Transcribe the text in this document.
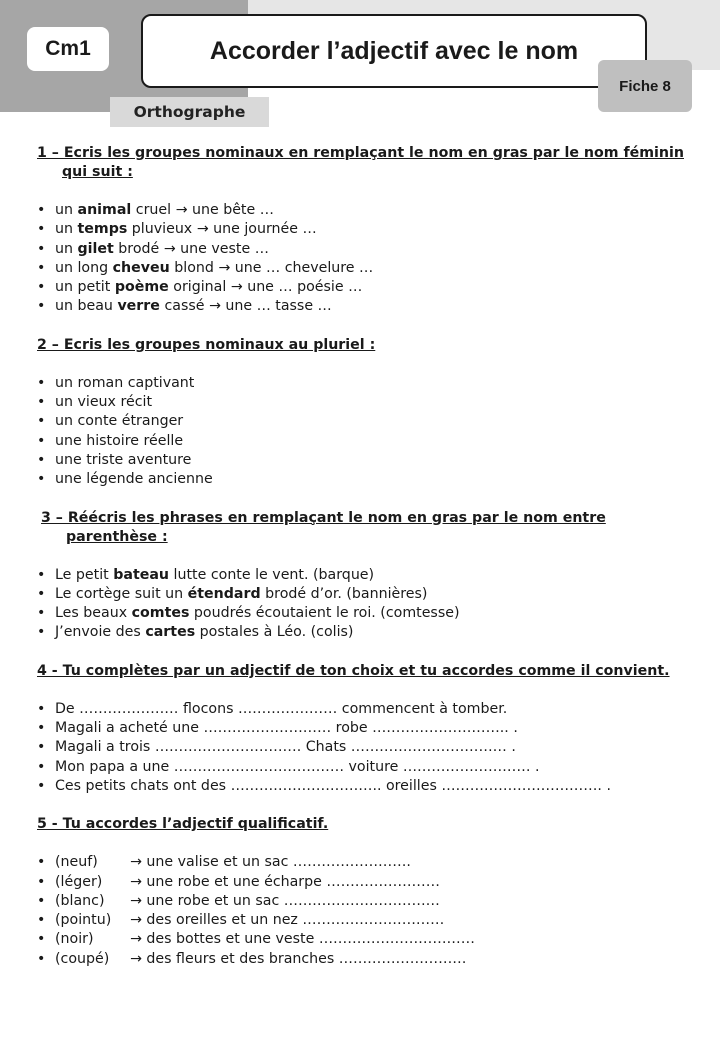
Cm1	Accorder l’adjectif avec le nom
Fiche 8
Orthographe

1 – Ecris les groupes nominaux en remplaçant le nom en gras par le nom féminin
qui suit :

• un animal cruel → une bête …
• un temps pluvieux → une journée …
• un gilet brodé → une veste …
• un long cheveu blond → une … chevelure …
• un petit poème original → une … poésie …
• un beau verre cassé → une … tasse …

2 – Ecris les groupes nominaux au pluriel :

• un roman captivant
• un vieux récit
• un conte étranger
• une histoire réelle
• une triste aventure
• une légende ancienne

3 – Réécris les phrases en remplaçant le nom en gras par le nom entre
parenthèse :

• Le petit bateau lutte conte le vent. (barque)
• Le cortège suit un étendard brodé d’or. (bannières)
• Les beaux comtes poudrés écoutaient le roi. (comtesse)
• J’envoie des cartes postales à Léo. (colis)

4 - Tu complètes par un adjectif de ton choix et tu accordes comme il convient.

• De ………………… flocons ………………… commencent à tomber.
• Magali a acheté une ……………………… robe ……………………….. .
• Magali a trois …………………………. Chats …………………………… .
• Mon papa a une ……………………………… voiture ……………………… .
• Ces petits chats ont des ………………………….. oreilles ……………………………. .

5 - Tu accordes l’adjectif qualificatif.

• (neuf) → une valise et un sac …………………….
• (léger) → une robe et une écharpe ……………………
• (blanc) → une robe et un sac ……………………………
• (pointu) → des oreilles et un nez …………………………
• (noir)	→ des bottes et une veste ……………………………
• (coupé) → des fleurs et des branches ………………………
